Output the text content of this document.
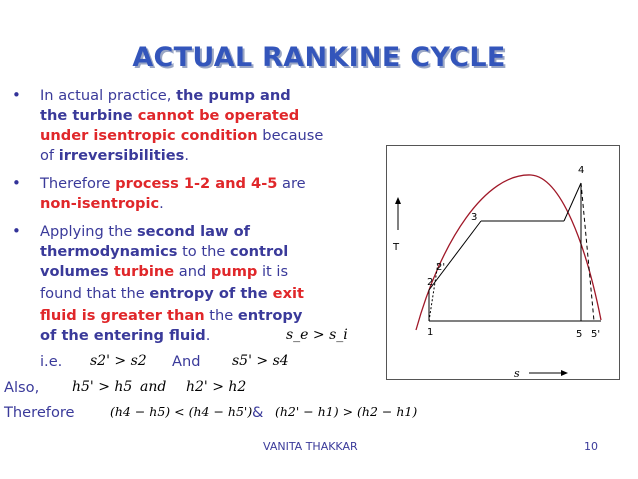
ACTUAL RANKINE CYCLE
• In actual practice, the pump and
the turbine cannot be operated
under isentropic condition because
of irreversibilities.
• Therefore process 1-2 and 4-5 are
non-isentropic.
• Applying the second law of
thermodynamics to the control
volumes turbine and pump it is
found that the entropy of the exit
fluid is greater than the entropy
of the entering fluid.	s_e > s_i
i.e. s2' > s2 And s5' > s4
Also, h5' > h5 and h2' > h2
Therefore	(h4 − h5) < (h4 − h5') & (h2' − h1) > (h2 − h1)
T
s
1
2
2'
3
4
5 5'
VANITA THAKKAR	10
